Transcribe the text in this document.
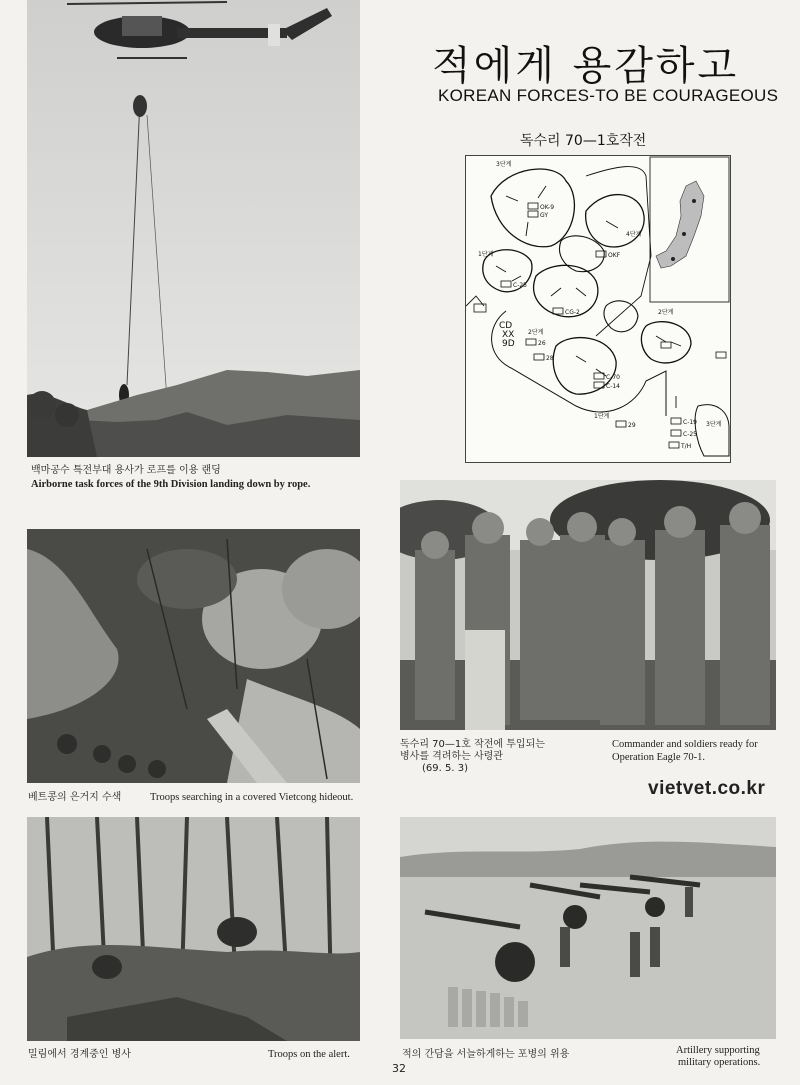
적에게 용감하고
KOREAN FORCES-TO BE COURAGEOUS
백마공수 특전부대 용사가 로프를 이용 랜딩
Airborne task forces of the 9th Division landing down by rope.
독수리 70—1호작전
3단계
4단계
1단계
2단계
2단계
1단계
3단계
OK-9
GY
OKF
C-25
CG-2
28
26
C-70
C-14
C-19
C-25
T/H
29
CD
XX
9D
독수리 70—1호 작전에 투입되는
병사를 격려하는 사령관
(69. 5. 3)
Commander and soldiers ready for
Operation Eagle 70-1.
vietvet.co.kr
베트콩의 은거지 수색	Troops searching in a covered Vietcong hideout.
밀림에서 경계중인 병사	Troops on the alert.	적의 간담을 서늘하게하는 포병의 위용	Artillery supporting
military operations.
32
